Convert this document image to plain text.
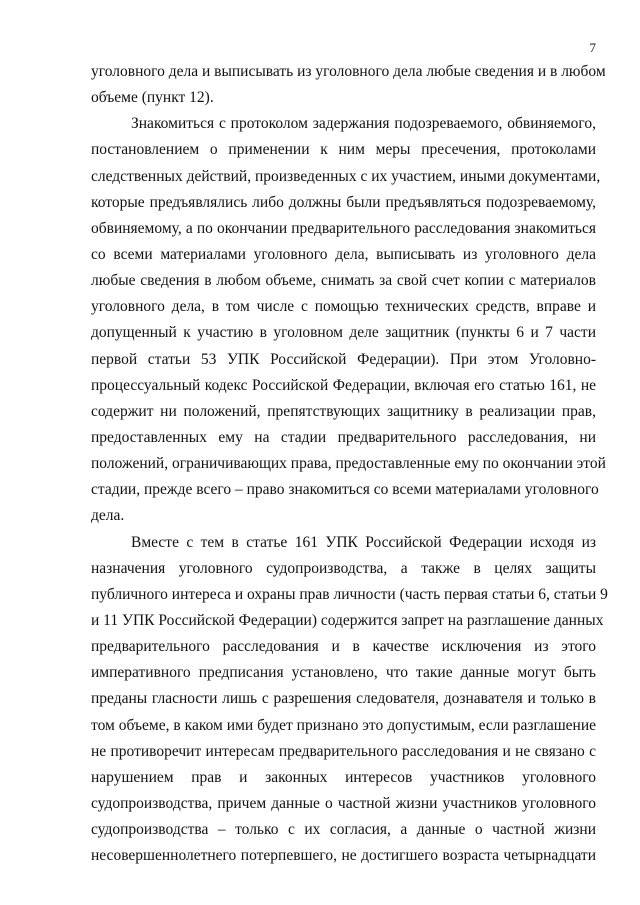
7
уголовного дела и выписывать из уголовного дела любые сведения и в любом
объеме (пункт 12).
Знакомиться с протоколом задержания подозреваемого, обвиняемого,
постановлением о применении к ним меры пресечения, протоколами
следственных действий, произведенных с их участием, иными документами,
которые предъявлялись либо должны были предъявляться подозреваемому,
обвиняемому, а по окончании предварительного расследования знакомиться
со всеми материалами уголовного дела, выписывать из уголовного дела
любые сведения в любом объеме, снимать за свой счет копии с материалов
уголовного дела, в том числе с помощью технических средств, вправе и
допущенный к участию в уголовном деле защитник (пункты 6 и 7 части
первой статьи 53 УПК Российской Федерации). При этом Уголовно-
процессуальный кодекс Российской Федерации, включая его статью 161, не
содержит ни положений, препятствующих защитнику в реализации прав,
предоставленных ему на стадии предварительного расследования, ни
положений, ограничивающих права, предоставленные ему по окончании этой
стадии, прежде всего – право знакомиться со всеми материалами уголовного
дела.
Вместе с тем в статье 161 УПК Российской Федерации исходя из
назначения уголовного судопроизводства, а также в целях защиты
публичного интереса и охраны прав личности (часть первая статьи 6, статьи 9
и 11 УПК Российской Федерации) содержится запрет на разглашение данных
предварительного расследования и в качестве исключения из этого
императивного предписания установлено, что такие данные могут быть
преданы гласности лишь с разрешения следователя, дознавателя и только в
том объеме, в каком ими будет признано это допустимым, если разглашение
не противоречит интересам предварительного расследования и не связано с
нарушением прав и законных интересов участников уголовного
судопроизводства, причем данные о частной жизни участников уголовного
судопроизводства – только с их согласия, а данные о частной жизни
несовершеннолетнего потерпевшего, не достигшего возраста четырнадцати
